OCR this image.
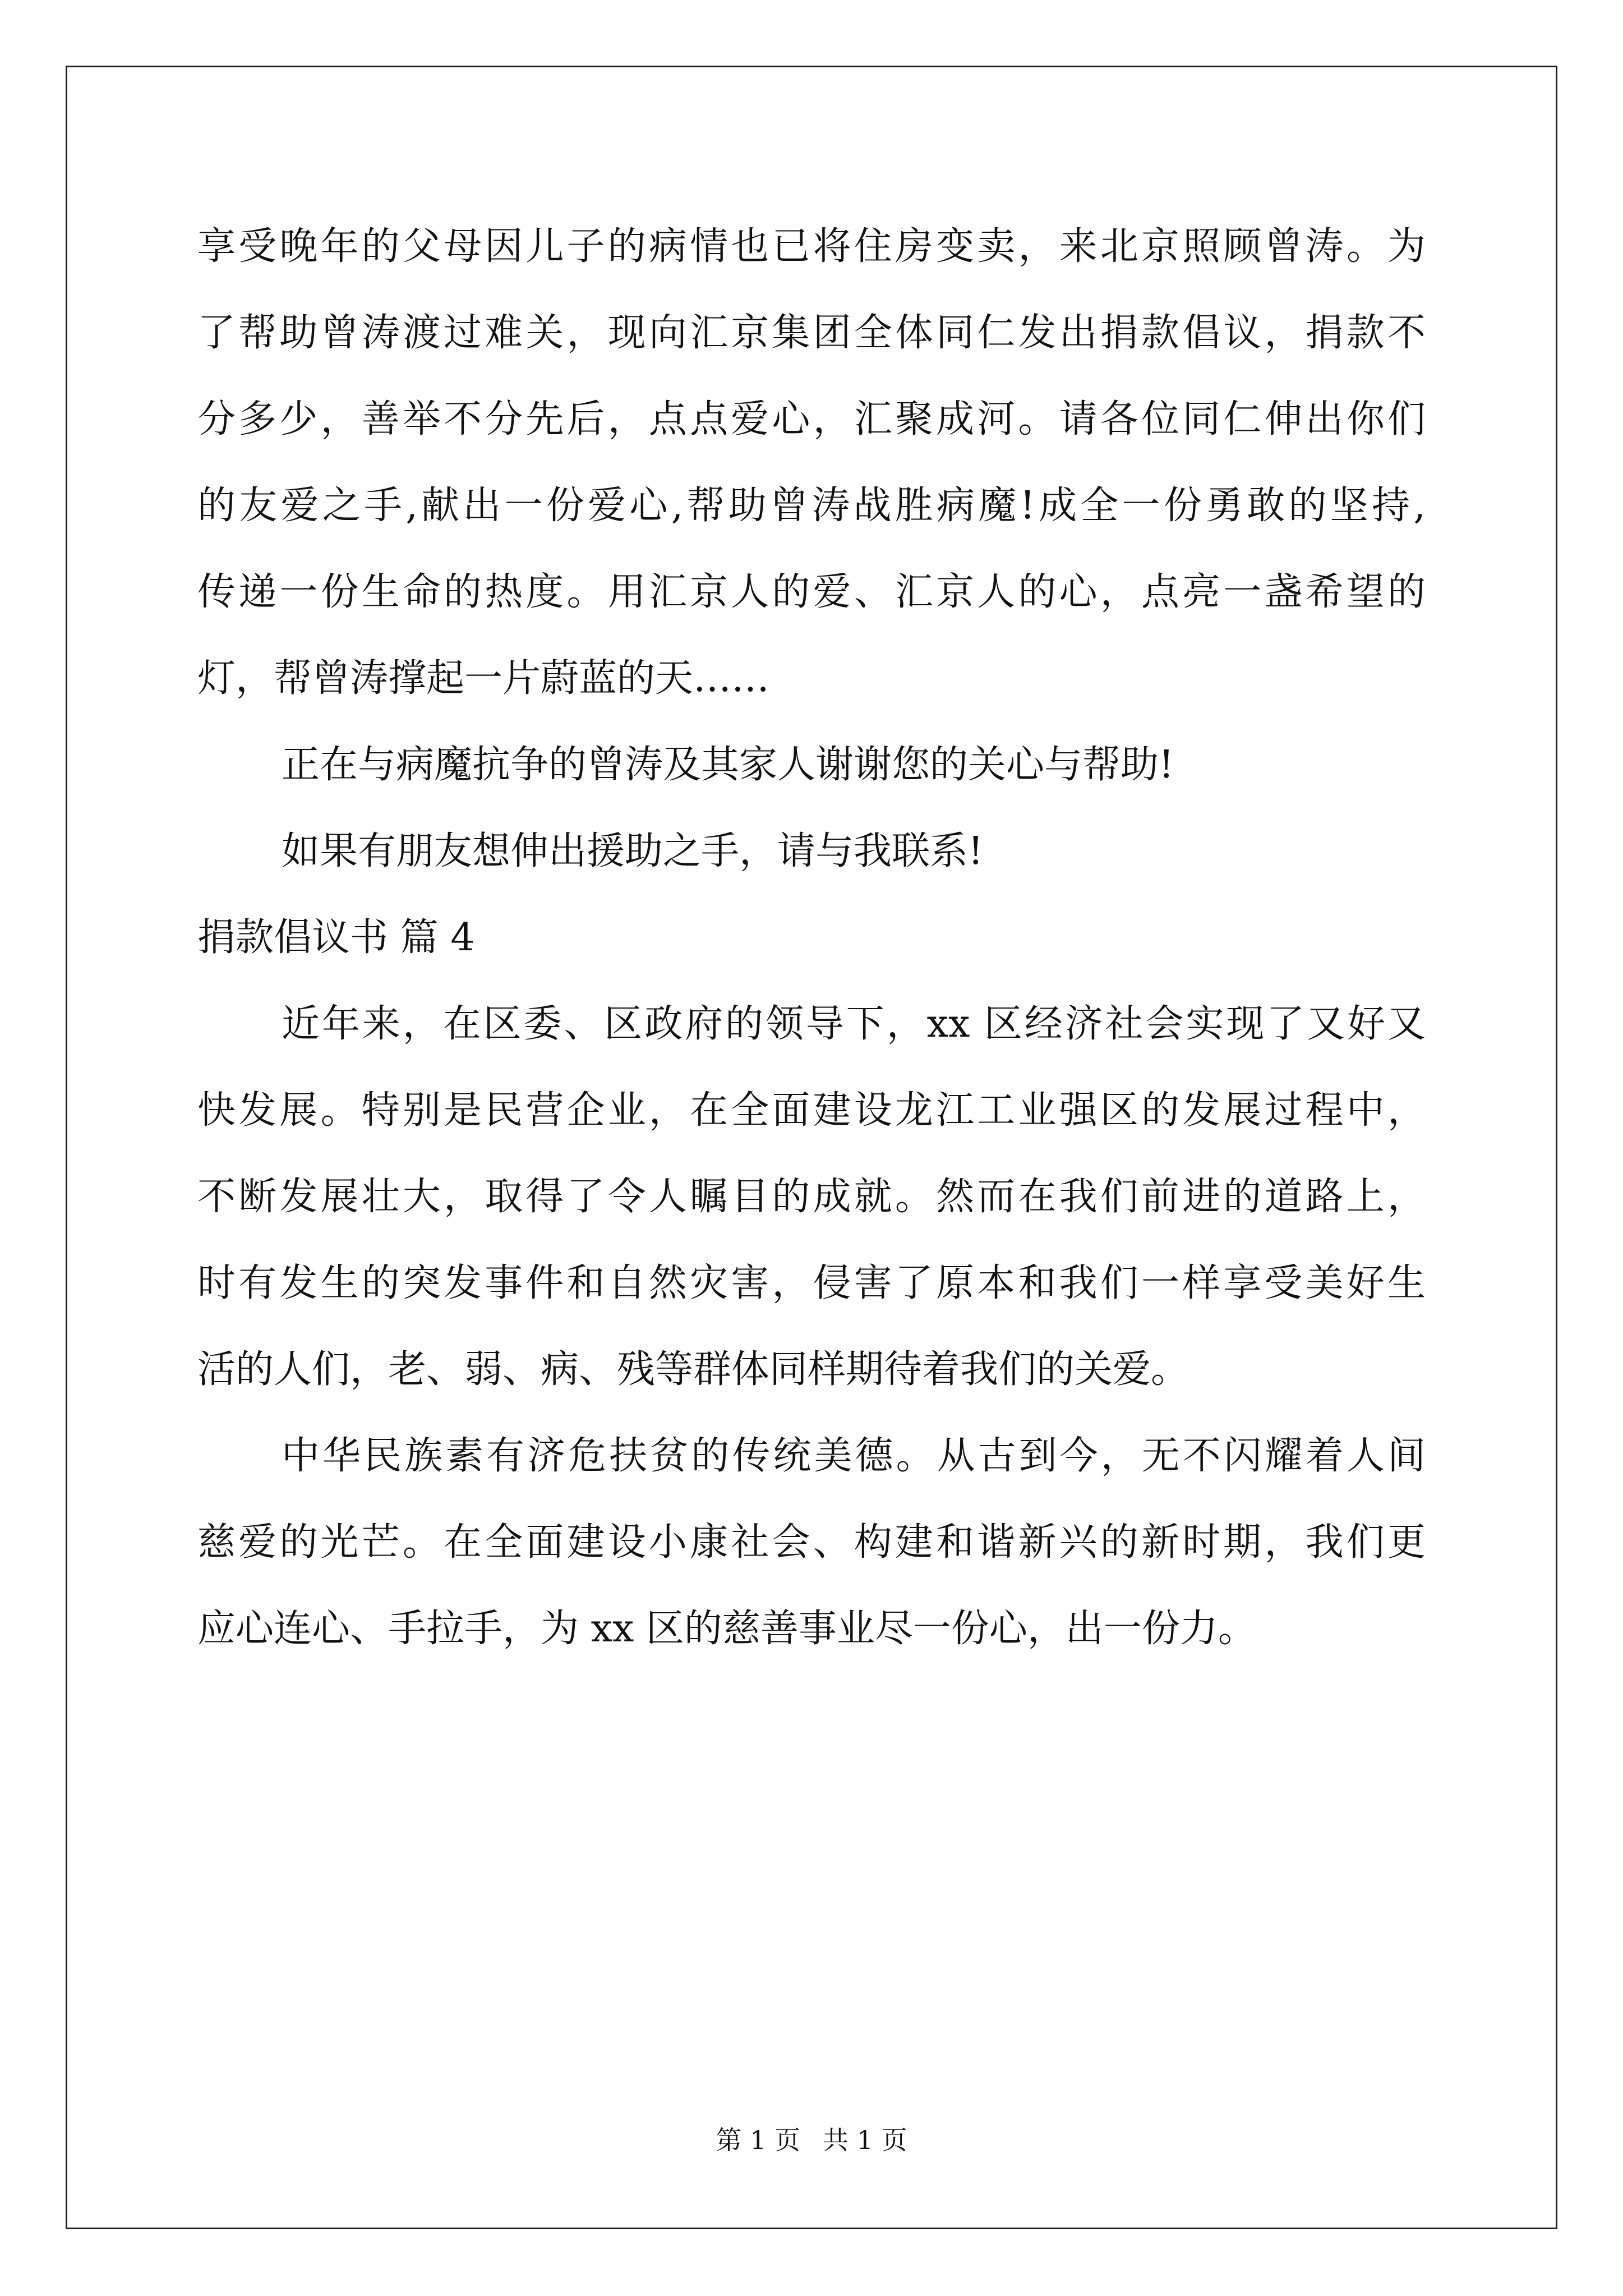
享受晚年的父母因儿子的病情也已将住房变卖，来北京照顾曾涛。为
了帮助曾涛渡过难关，现向汇京集团全体同仁发出捐款倡议，捐款不
分多少，善举不分先后，点点爱心，汇聚成河。请各位同仁伸出你们
的友爱之手,献出一份爱心,帮助曾涛战胜病魔!成全一份勇敢的坚持,
传递一份生命的热度。用汇京人的爱、汇京人的心，点亮一盏希望的
灯，帮曾涛撑起一片蔚蓝的天……
正在与病魔抗争的曾涛及其家人谢谢您的关心与帮助!
如果有朋友想伸出援助之手，请与我联系!
捐款倡议书 篇 4
近年来，在区委、区政府的领导下，xx 区经济社会实现了又好又
快发展。特别是民营企业，在全面建设龙江工业强区的发展过程中，
不断发展壮大，取得了令人瞩目的成就。然而在我们前进的道路上，
时有发生的突发事件和自然灾害，侵害了原本和我们一样享受美好生
活的人们，老、弱、病、残等群体同样期待着我们的关爱。
中华民族素有济危扶贫的传统美德。从古到今，无不闪耀着人间
慈爱的光芒。在全面建设小康社会、构建和谐新兴的新时期，我们更
应心连心、手拉手，为 xx 区的慈善事业尽一份心，出一份力。
第 1 页 共 1 页
